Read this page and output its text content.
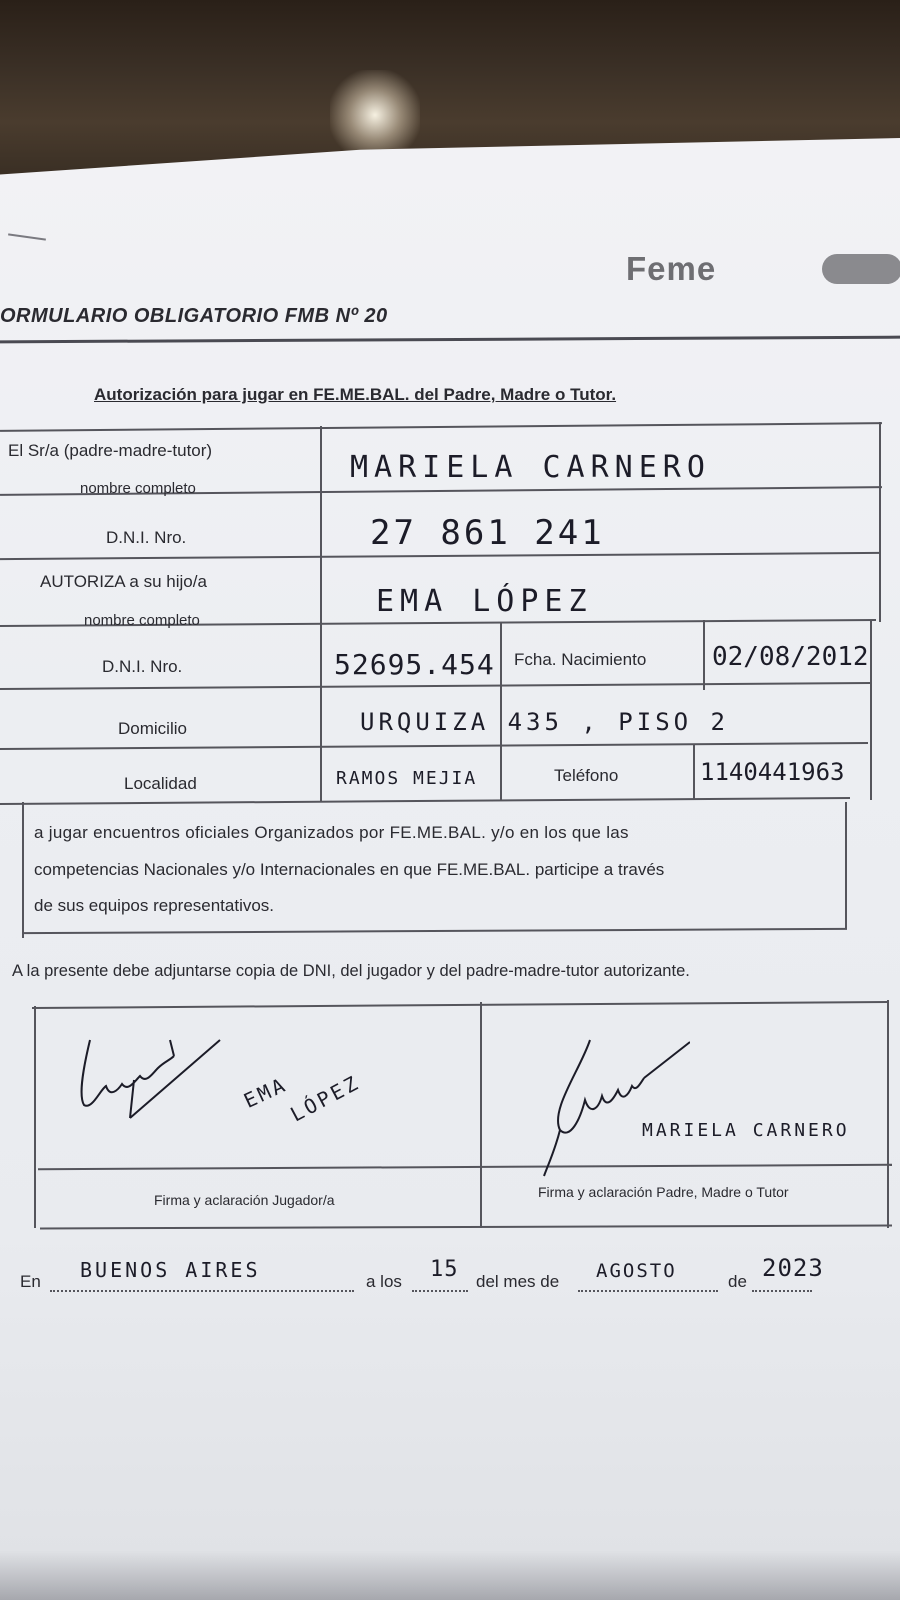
Feme
ORMULARIO OBLIGATORIO FMB Nº 20
Autorización para jugar en FE.ME.BAL. del Padre, Madre o Tutor.
El Sr/a (padre-madre-tutor)
nombre completo
MARIELA CARNERO
D.N.I. Nro.	27 861 241
AUTORIZA a su hijo/a
nombre completo
EMA LÓPEZ
D.N.I. Nro.	52695.454 Fcha. Nacimiento	02/08/2012
Domicilio	URQUIZA 435 , PISO 2
Localidad	RAMOS MEJIA	Teléfono	1140441963
a jugar encuentros oficiales Organizados por FE.ME.BAL. y/o en los que las
competencias Nacionales y/o Internacionales en que FE.ME.BAL. participe a través
de sus equipos representativos.
A la presente debe adjuntarse copia de DNI, del jugador y del padre-madre-tutor autorizante.
EMA
LÓPEZ
Firma y aclaración Jugador/a
MARIELA CARNERO
Firma y aclaración Padre, Madre o Tutor
En BUENOS AIRES	a los 15 del mes de AGOSTO	de 2023
